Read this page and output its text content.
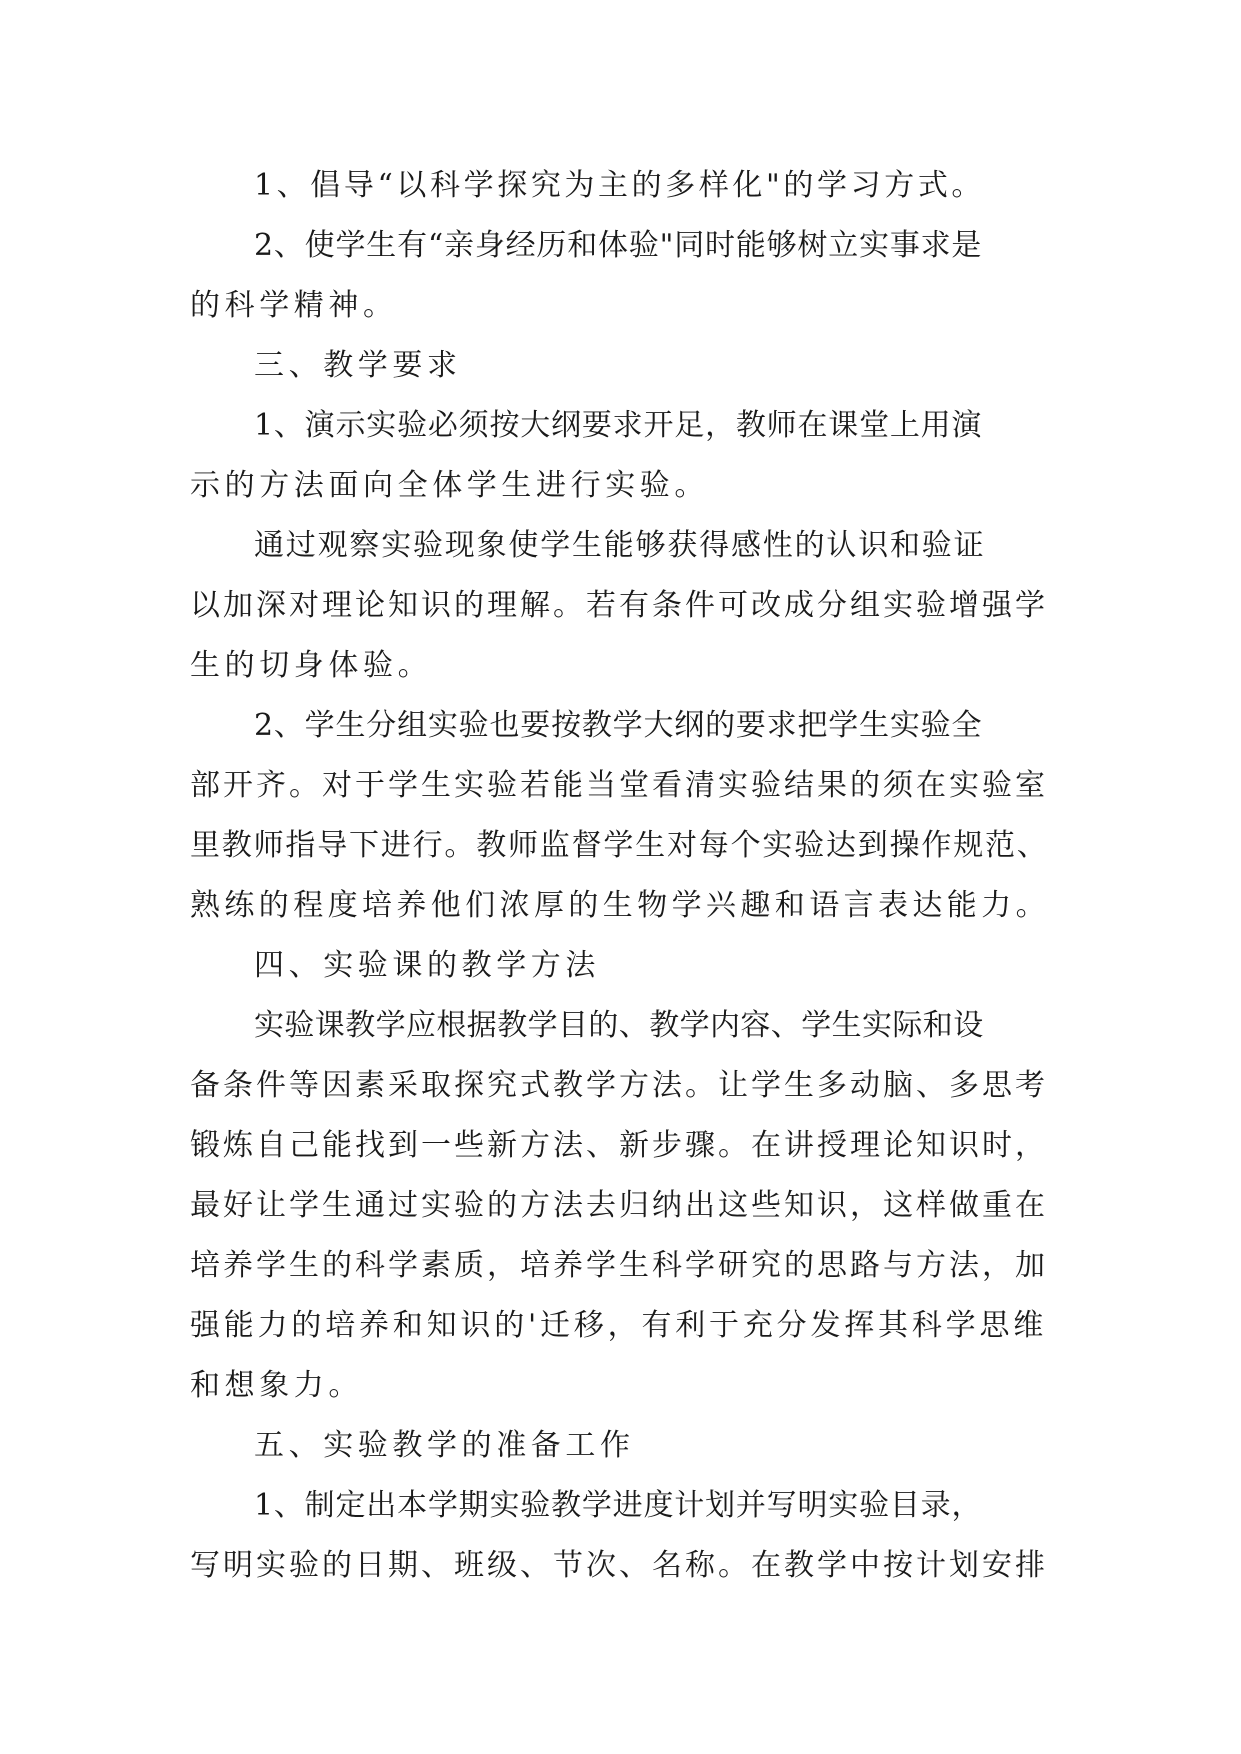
1、倡导“以科学探究为主的多样化"的学习方式。
2、使学生有“亲身经历和体验"同时能够树立实事求是
的科学精神。
三、教学要求
1、演示实验必须按大纲要求开足，教师在课堂上用演
示的方法面向全体学生进行实验。
通过观察实验现象使学生能够获得感性的认识和验证
以加深对理论知识的理解。若有条件可改成分组实验增强学
生的切身体验。
2、学生分组实验也要按教学大纲的要求把学生实验全
部开齐。对于学生实验若能当堂看清实验结果的须在实验室
里教师指导下进行。教师监督学生对每个实验达到操作规范、
熟练的程度培养他们浓厚的生物学兴趣和语言表达能力。
四、实验课的教学方法
实验课教学应根据教学目的、教学内容、学生实际和设
备条件等因素采取探究式教学方法。让学生多动脑、多思考
锻炼自己能找到一些新方法、新步骤。在讲授理论知识时，
最好让学生通过实验的方法去归纳出这些知识，这样做重在
培养学生的科学素质，培养学生科学研究的思路与方法，加
强能力的培养和知识的'迁移，有利于充分发挥其科学思维
和想象力。
五、实验教学的准备工作
1、制定出本学期实验教学进度计划并写明实验目录，
写明实验的日期、班级、节次、名称。在教学中按计划安排
